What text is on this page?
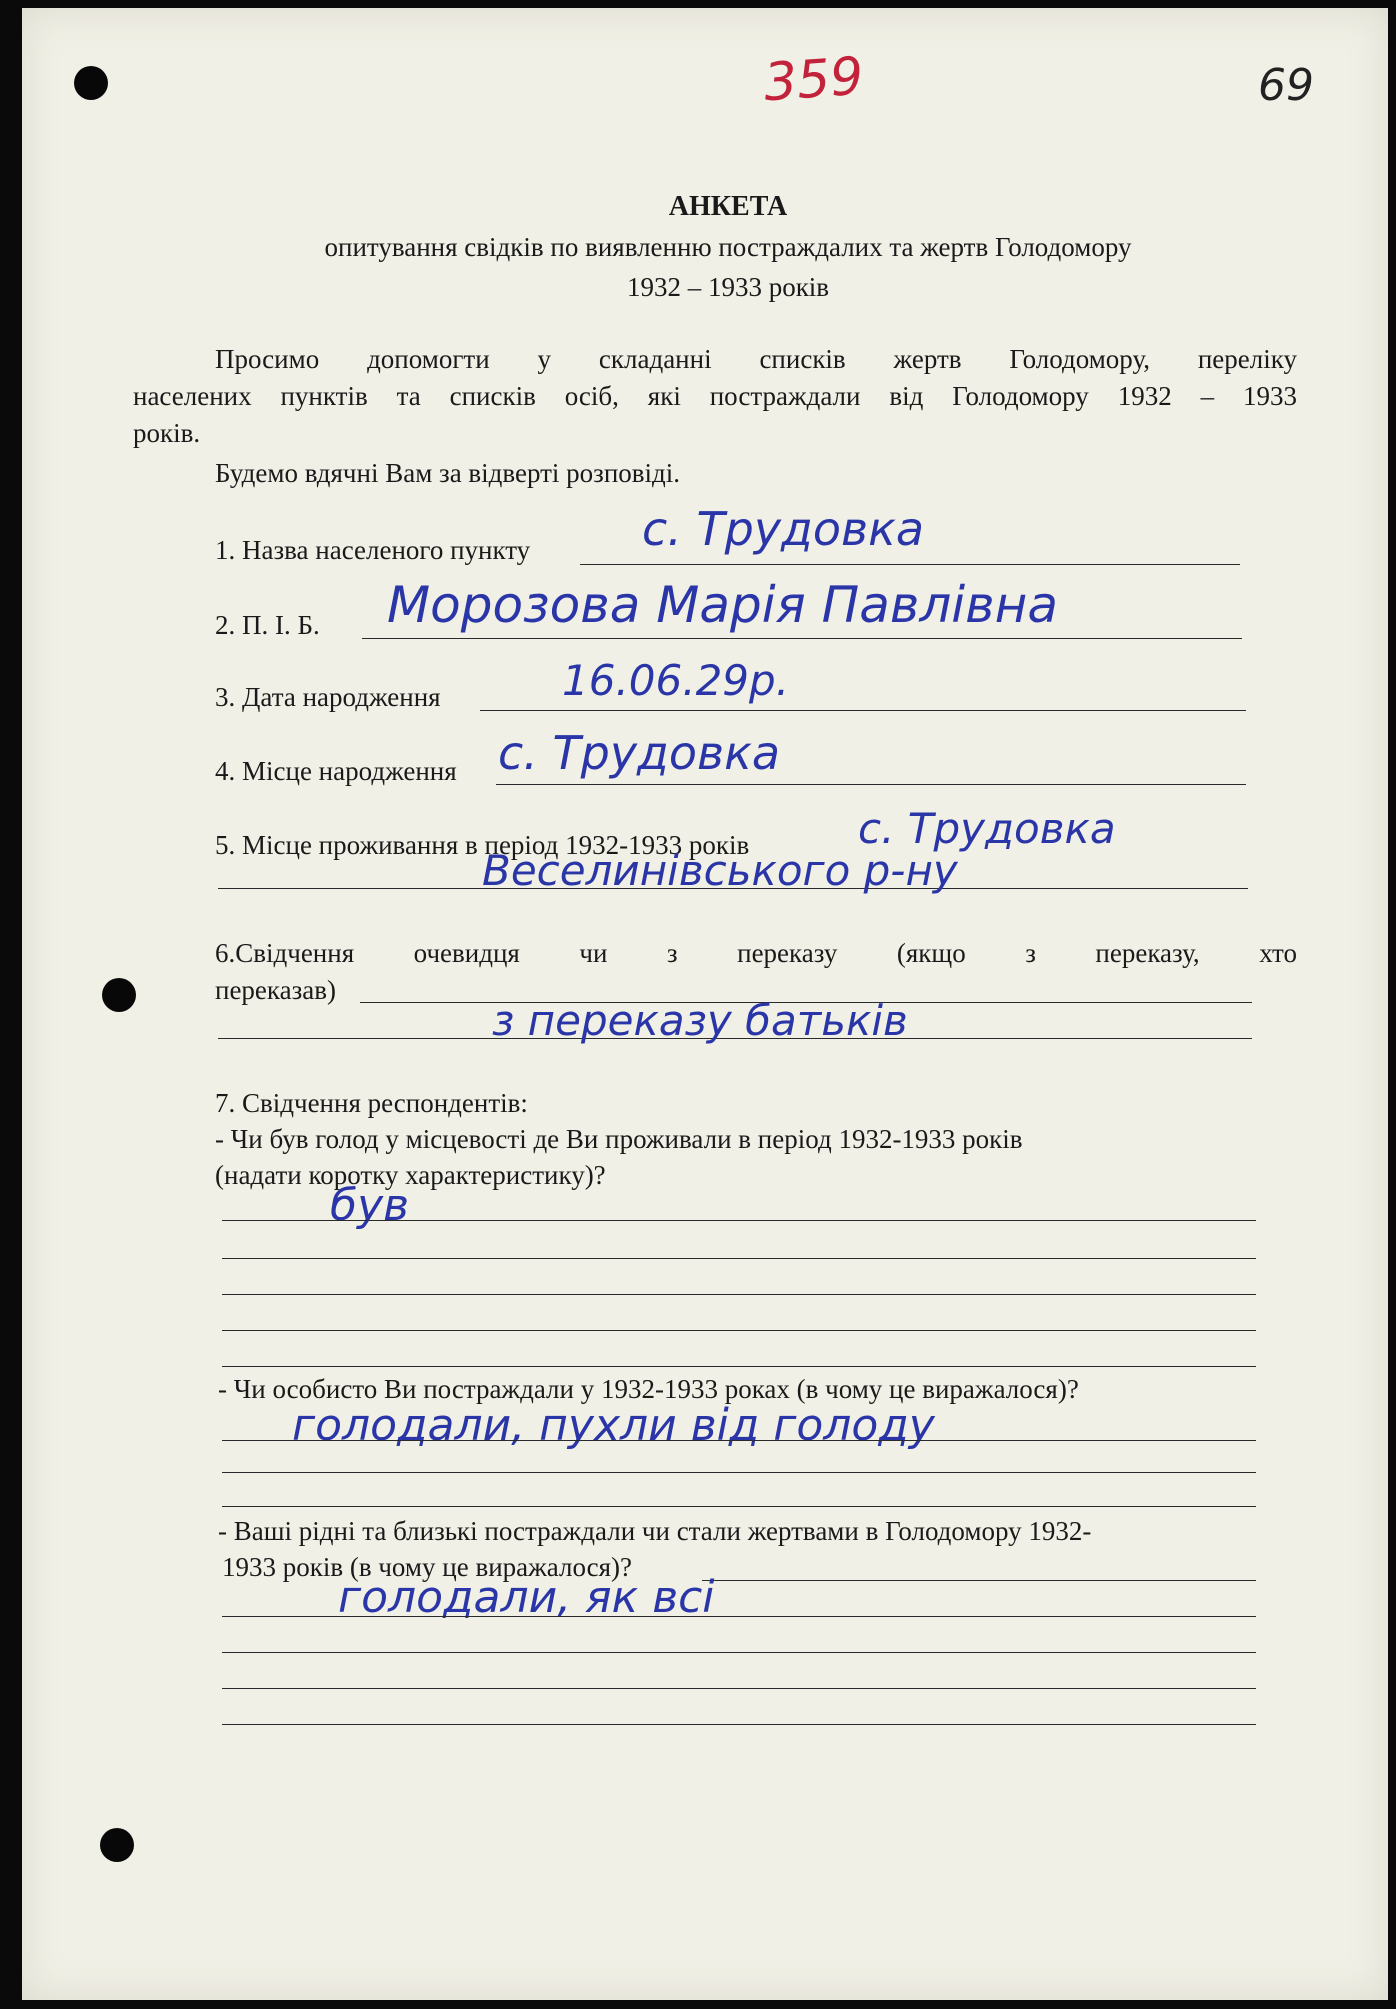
359	69
АНКЕТА
опитування свідків по виявленню постраждалих та жертв Голодомору
1932 – 1933 років
Просимо допомогти у складанні списків жертв Голодомору, переліку
населених пунктів та списків осіб, які постраждали від Голодомору 1932 – 1933
років.
Будемо вдячні Вам за відверті розповіді.
1. Назва населеного пункту с. Трудовка
2. П. І. Б. Морозова Марія Павлівна
3. Дата народження	16.06.29р.
4. Місце народження с. Трудовка
5. Місце проживання в період 1932-1933 років	с. Трудовка
Веселинівського р-ну
6.Свідчення очевидця чи з переказу (якщо з переказу, хто
переказав)
з переказу батьків
7. Свідчення респондентів:
- Чи був голод у місцевості де Ви проживали в період 1932-1933 років
(надати коротку характеристику)?
був
- Чи особисто Ви постраждали у 1932-1933 роках (в чому це виражалося)?
голодали, пухли від голоду
- Ваші рідні та близькі постраждали чи стали жертвами в Голодомору 1932-
1933 років (в чому це виражалося)?
голодали, як всі
